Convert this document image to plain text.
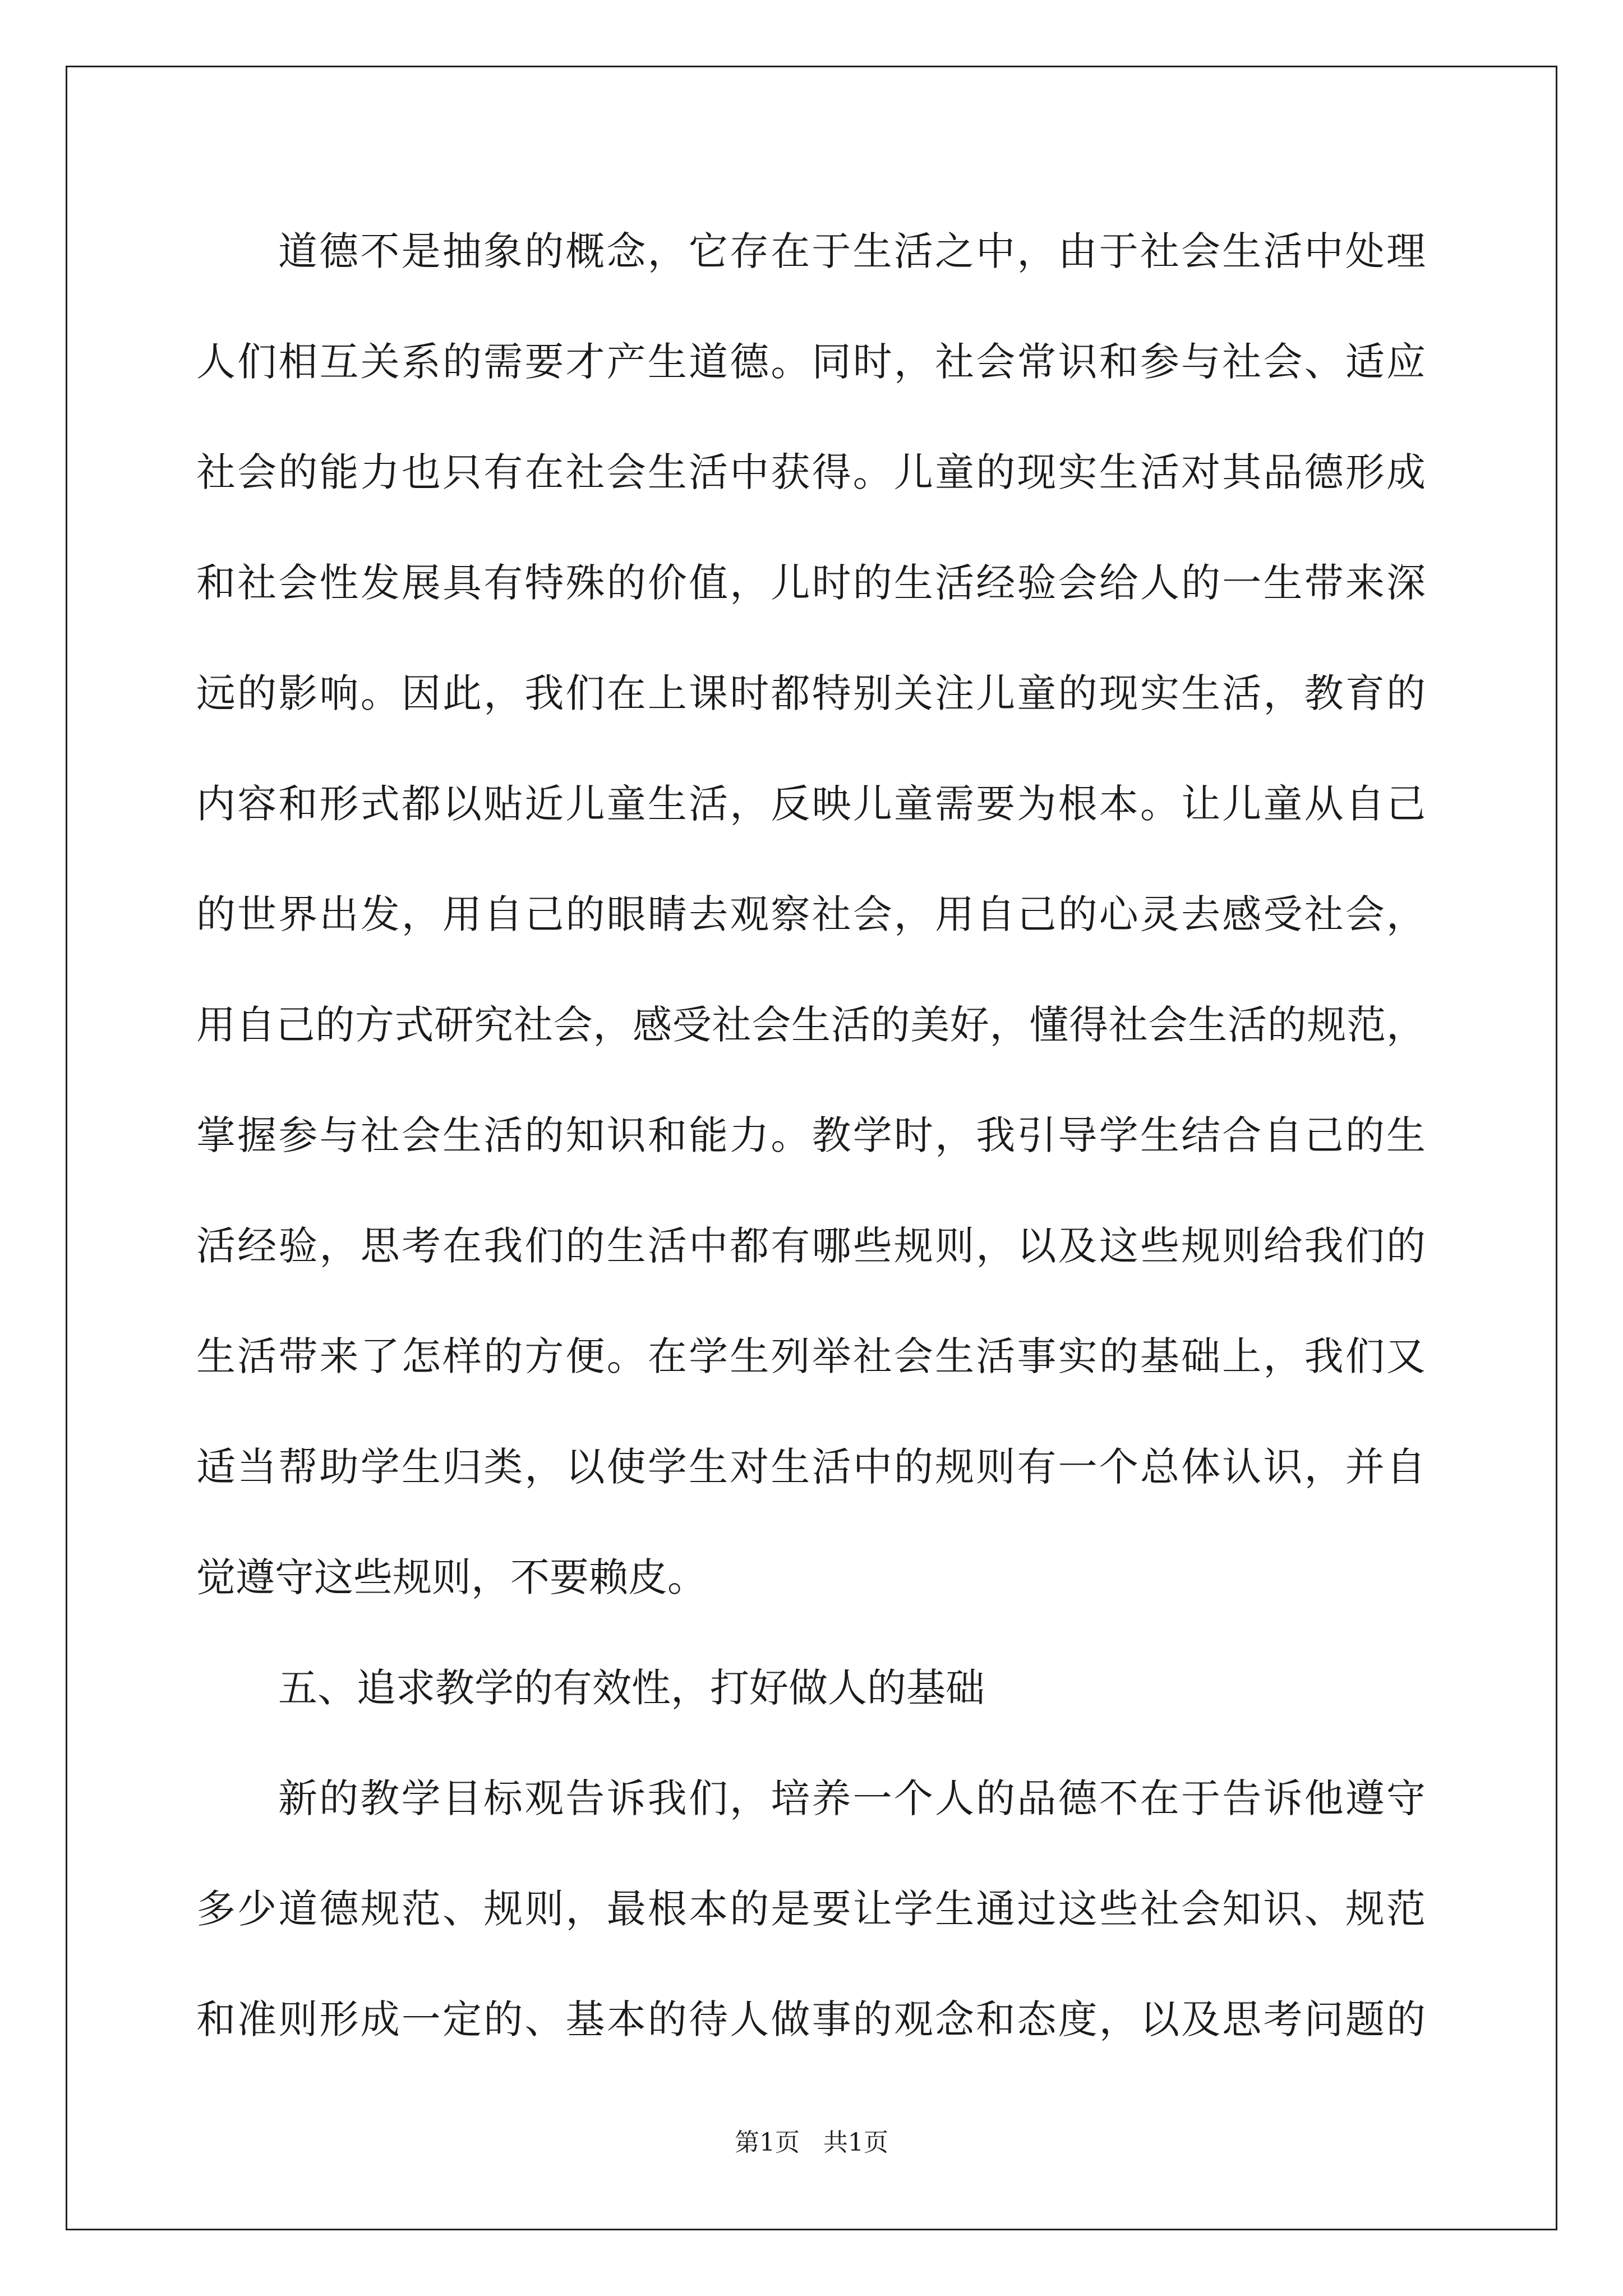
道德不是抽象的概念，它存在于生活之中，由于社会生活中处理
人们相互关系的需要才产生道德。同时，社会常识和参与社会、适应
社会的能力也只有在社会生活中获得。儿童的现实生活对其品德形成
和社会性发展具有特殊的价值，儿时的生活经验会给人的一生带来深
远的影响。因此，我们在上课时都特别关注儿童的现实生活，教育的
内容和形式都以贴近儿童生活，反映儿童需要为根本。让儿童从自己
的世界出发，用自己的眼睛去观察社会，用自己的心灵去感受社会，
用自己的方式研究社会，感受社会生活的美好，懂得社会生活的规范，
掌握参与社会生活的知识和能力。教学时，我引导学生结合自己的生
活经验，思考在我们的生活中都有哪些规则，以及这些规则给我们的
生活带来了怎样的方便。在学生列举社会生活事实的基础上，我们又
适当帮助学生归类，以使学生对生活中的规则有一个总体认识，并自
觉遵守这些规则，不要赖皮。
五、追求教学的有效性，打好做人的基础
新的教学目标观告诉我们，培养一个人的品德不在于告诉他遵守
多少道德规范、规则，最根本的是要让学生通过这些社会知识、规范
和准则形成一定的、基本的待人做事的观念和态度，以及思考问题的
第1页 共1页
